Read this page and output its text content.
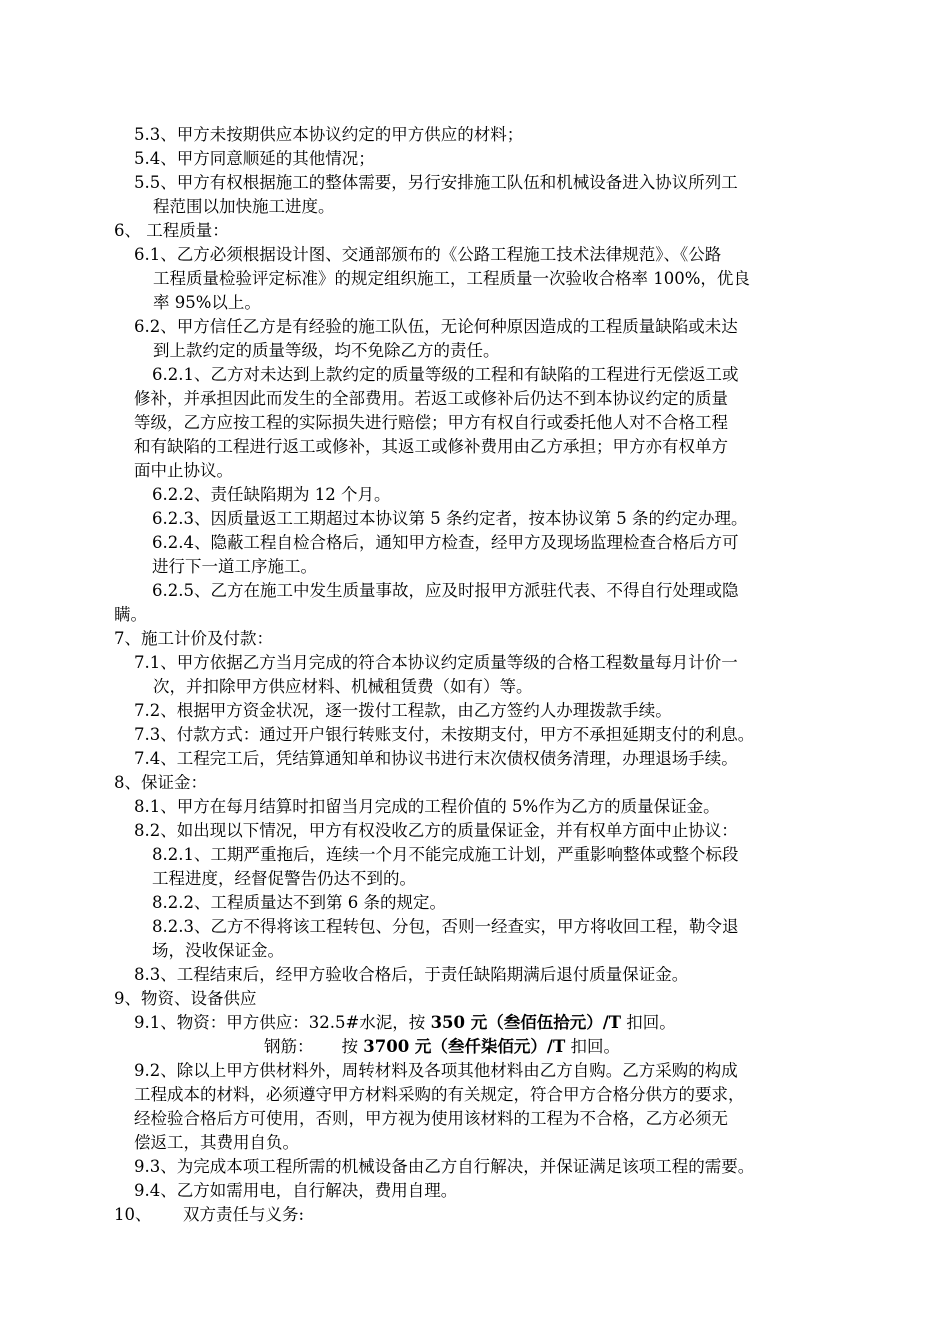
5.3、甲方未按期供应本协议约定的甲方供应的材料；
5.4、甲方同意顺延的其他情况；
5.5、甲方有权根据施工的整体需要，另行安排施工队伍和机械设备进入协议所列工
程范围以加快施工进度。
6、 工程质量：
6.1、乙方必须根据设计图、交通部颁布的《公路工程施工技术法律规范》、《公路
工程质量检验评定标准》的规定组织施工，工程质量一次验收合格率 100%，优良
率 95%以上。
6.2、甲方信任乙方是有经验的施工队伍，无论何种原因造成的工程质量缺陷或未达
到上款约定的质量等级，均不免除乙方的责任。
6.2.1、乙方对未达到上款约定的质量等级的工程和有缺陷的工程进行无偿返工或
修补，并承担因此而发生的全部费用。若返工或修补后仍达不到本协议约定的质量
等级，乙方应按工程的实际损失进行赔偿；甲方有权自行或委托他人对不合格工程
和有缺陷的工程进行返工或修补，其返工或修补费用由乙方承担；甲方亦有权单方
面中止协议。
6.2.2、责任缺陷期为 12 个月。
6.2.3、因质量返工工期超过本协议第 5 条约定者，按本协议第 5 条的约定办理。
6.2.4、隐蔽工程自检合格后，通知甲方检查，经甲方及现场监理检查合格后方可
进行下一道工序施工。
6.2.5、乙方在施工中发生质量事故，应及时报甲方派驻代表、不得自行处理或隐
瞒。
7、施工计价及付款：
7.1、甲方依据乙方当月完成的符合本协议约定质量等级的合格工程数量每月计价一
次，并扣除甲方供应材料、机械租赁费（如有）等。
7.2、根据甲方资金状况，逐一拨付工程款，由乙方签约人办理拨款手续。
7.3、付款方式：通过开户银行转账支付，未按期支付，甲方不承担延期支付的利息。
7.4、工程完工后，凭结算通知单和协议书进行末次债权债务清理，办理退场手续。
8、保证金：
8.1、甲方在每月结算时扣留当月完成的工程价值的 5%作为乙方的质量保证金。
8.2、如出现以下情况，甲方有权没收乙方的质量保证金，并有权单方面中止协议：
8.2.1、工期严重拖后，连续一个月不能完成施工计划，严重影响整体或整个标段
工程进度，经督促警告仍达不到的。
8.2.2、工程质量达不到第 6 条的规定。
8.2.3、乙方不得将该工程转包、分包，否则一经查实，甲方将收回工程，勒令退
场，没收保证金。
8.3、工程结束后，经甲方验收合格后，于责任缺陷期满后退付质量保证金。
9、物资、设备供应
9.1、物资：甲方供应：32.5#水泥，按 350 元（叁佰伍拾元）/T 扣回。
钢筋： 按 3700 元（叁仟柒佰元）/T 扣回。
9.2、除以上甲方供材料外，周转材料及各项其他材料由乙方自购。乙方采购的构成
工程成本的材料，必须遵守甲方材料采购的有关规定，符合甲方合格分供方的要求，
经检验合格后方可使用，否则，甲方视为使用该材料的工程为不合格，乙方必须无
偿返工，其费用自负。
9.3、为完成本项工程所需的机械设备由乙方自行解决，并保证满足该项工程的需要。
9.4、乙方如需用电，自行解决，费用自理。
10、 双方责任与义务:
